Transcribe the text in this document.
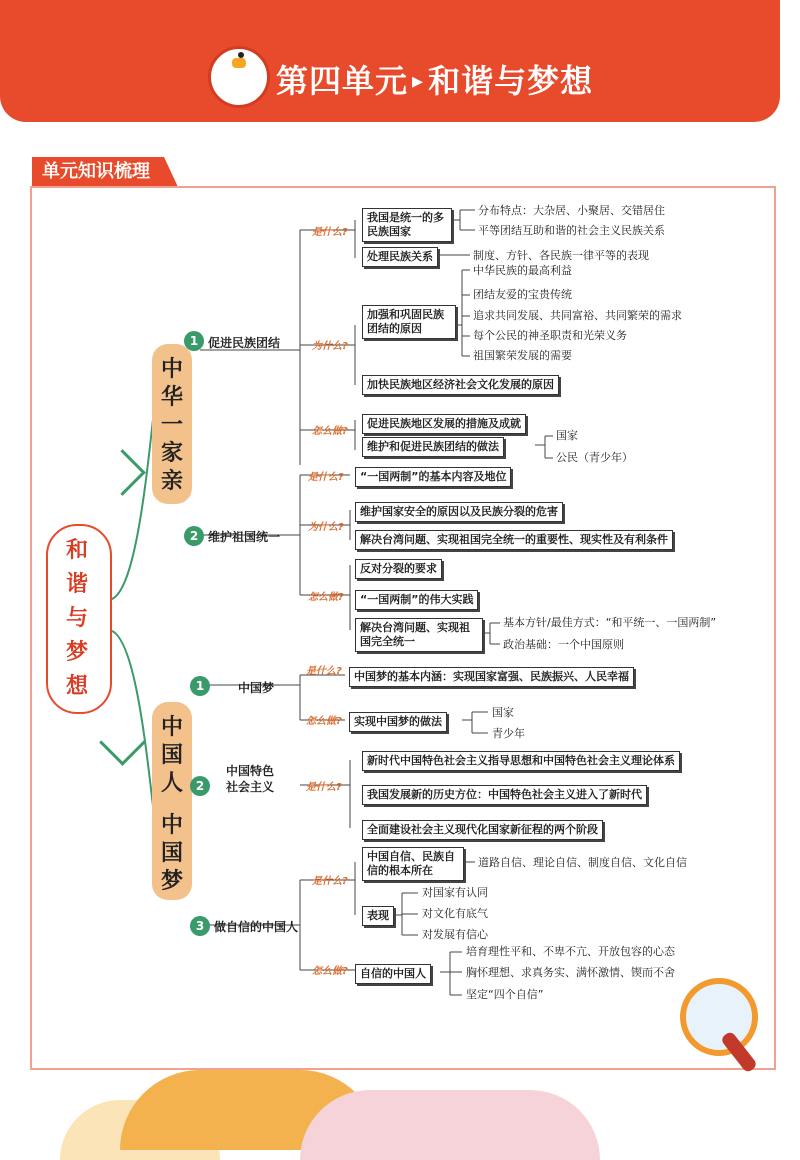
第四单元 ▸ 和谐与梦想
单元知识梳理
和
谐
与
梦
想
中
华
一
家
亲
中
国
人
中
国
梦
1 促进民族团结
是什么?
为什么?
怎么做?
我国是统一的多民族国家
分布特点：大杂居、小聚居、交错居住
平等团结互助和谐的社会主义民族关系
处理民族关系	制度、方针、各民族一律平等的表现
加强和巩固民族团结的原因
中华民族的最高利益
团结友爱的宝贵传统
追求共同发展、共同富裕、共同繁荣的需求
每个公民的神圣职责和光荣义务
祖国繁荣发展的需要
加快民族地区经济社会文化发展的原因
促进民族地区发展的措施及成就
维护和促进民族团结的做法
国家
公民（青少年）
2 维护祖国统一
是什么?
为什么?
怎么做?
“一国两制”的基本内容及地位
维护国家安全的原因以及民族分裂的危害
解决台湾问题、实现祖国完全统一的重要性、现实性及有利条件
反对分裂的要求
“一国两制”的伟大实践
解决台湾问题、实现祖国完全统一
基本方针/最佳方式：“和平统一、一国两制”
政治基础：一个中国原则
1	中国梦
是什么?
怎么做?
中国梦的基本内涵：实现国家富强、民族振兴、人民幸福
实现中国梦的做法
国家
青少年
2
中国特色
社会主义	是什么?
新时代中国特色社会主义指导思想和中国特色社会主义理论体系
我国发展新的历史方位：中国特色社会主义进入了新时代
全面建设社会主义现代化国家新征程的两个阶段
3 做自信的中国人
是什么?
怎么做?
中国自信、民族自信的根本所在
道路自信、理论自信、制度自信、文化自信
表现
对国家有认同
对文化有底气
对发展有信心
自信的中国人
培育理性平和、不卑不亢、开放包容的心态
胸怀理想、求真务实、满怀激情、锲而不舍
坚定“四个自信”
